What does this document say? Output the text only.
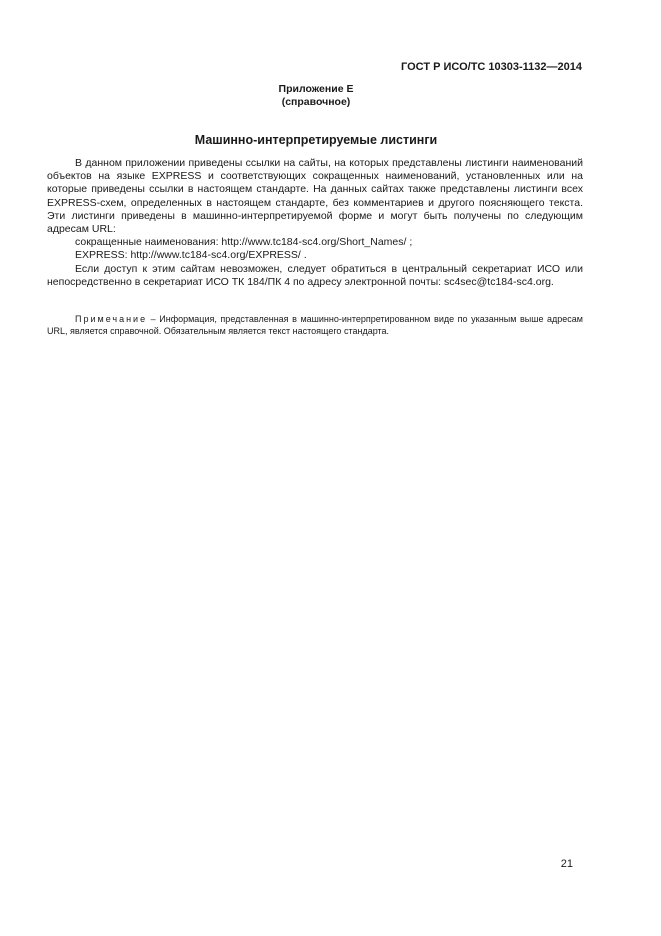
ГОСТ Р ИСО/ТС 10303-1132—2014
Приложение Е
(справочное)
Машинно-интерпретируемые листинги

В данном приложении приведены ссылки на сайты, на которых представлены листинги наименований объектов на языке EXPRESS и соответствующих сокращенных наименований, установленных или на которые приведены ссылки в настоящем стандарте. На данных сайтах также представлены листинги всех EXPRESS-схем, определенных в настоящем стандарте, без комментариев и другого поясняющего текста. Эти листинги приведены в машинно-интерпретируемой форме и могут быть получены по следующим адресам URL:

сокращенные наименования: http://www.tc184-sc4.org/Short_Names/ ;

EXPRESS: http://www.tc184-sc4.org/EXPRESS/ .

Если доступ к этим сайтам невозможен, следует обратиться в центральный секретариат ИСО или непосредственно в секретариат ИСО ТК 184/ПК 4 по адресу электронной почты: sc4sec@tc184-sc4.org.

Примечание – Информация, представленная в машинно-интерпретированном виде по указанным выше адресам URL, является справочной. Обязательным является текст настоящего стандарта.
21
